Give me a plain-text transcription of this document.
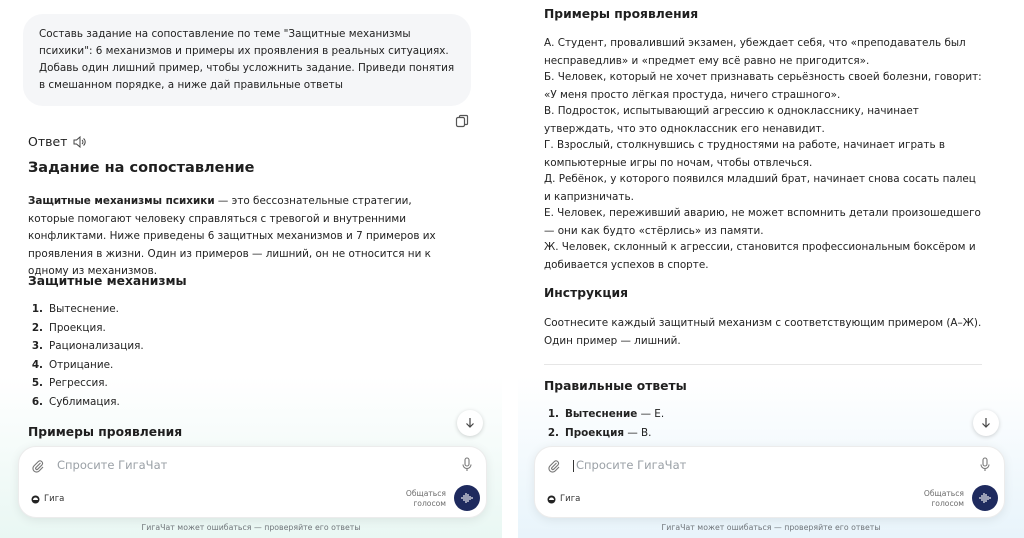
Составь задание на сопоставление по теме "Защитные механизмы психики": 6 механизмов и примеры их проявления в реальных ситуациях. Добавь один лишний пример, чтобы усложнить задание. Приведи понятия в смешанном порядке, а ниже дай правильные ответы
Ответ
Задание на сопоставление
Защитные механизмы психики — это бессознательные стратегии, которые помогают человеку справляться с тревогой и внутренними конфликтами. Ниже приведены 6 защитных механизмов и 7 примеров их проявления в жизни. Один из примеров — лишний, он не относится ни к одному из механизмов.
Защитные механизмы
1. Вытеснение.
2. Проекция.
3. Рационализация.
4. Отрицание.
5. Регрессия.
6. Сублимация.
Примеры проявления
Спросите ГигаЧат
Гига
Общаться
голосом
ГигаЧат может ошибаться — проверяйте его ответы
Примеры проявления
А. Студент, проваливший экзамен, убеждает себя, что «преподаватель был несправедлив» и «предмет ему всё равно не пригодится».
Б. Человек, который не хочет признавать серьёзность своей болезни, говорит: «У меня просто лёгкая простуда, ничего страшного».
В. Подросток, испытывающий агрессию к однокласснику, начинает утверждать, что это одноклассник его ненавидит.
Г. Взрослый, столкнувшись с трудностями на работе, начинает играть в компьютерные игры по ночам, чтобы отвлечься.
Д. Ребёнок, у которого появился младший брат, начинает снова сосать палец и капризничать.
Е. Человек, переживший аварию, не может вспомнить детали произошедшего — они как будто «стёрлись» из памяти.
Ж. Человек, склонный к агрессии, становится профессиональным боксёром и добивается успехов в спорте.
Инструкция
Соотнесите каждый защитный механизм с соответствующим примером (А–Ж). Один пример — лишний.
Правильные ответы
1. Вытеснение — Е.
2. Проекция — В.
Спросите ГигаЧат
Гига
Общаться
голосом
ГигаЧат может ошибаться — проверяйте его ответы
